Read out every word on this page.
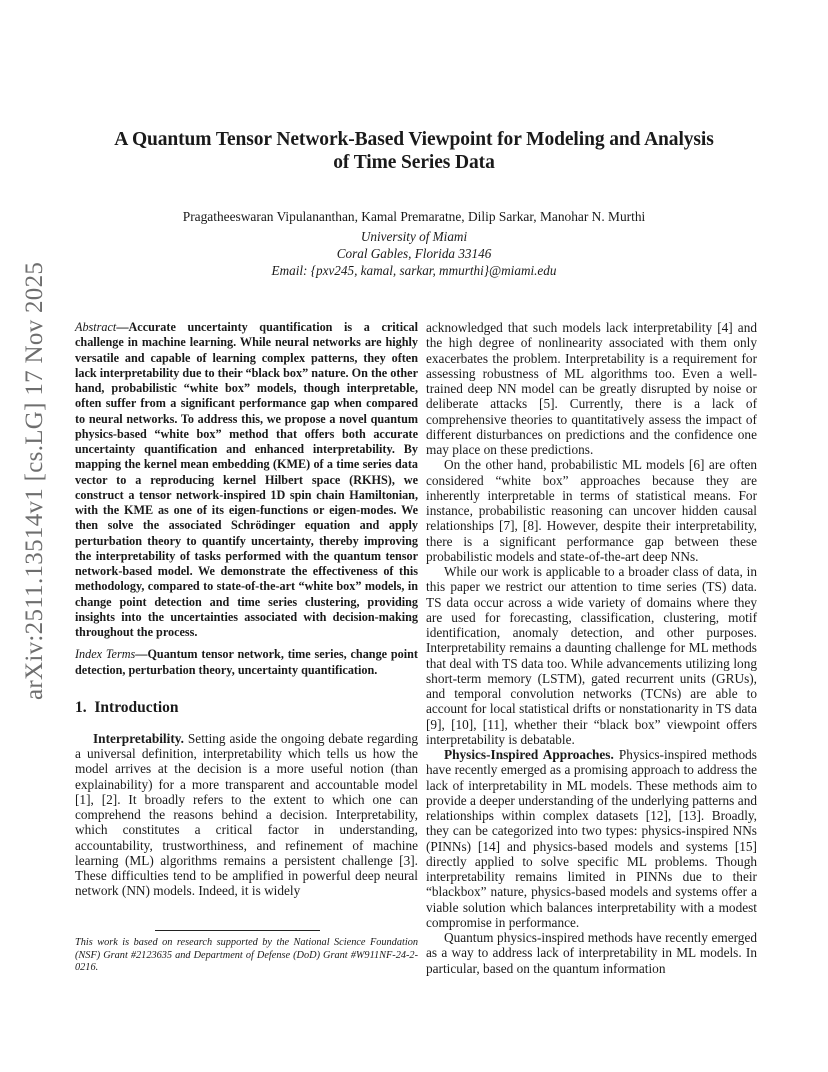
A Quantum Tensor Network-Based Viewpoint for Modeling and Analysis
of Time Series Data
Pragatheeswaran Vipulananthan, Kamal Premaratne, Dilip Sarkar, Manohar N. Murthi
University of Miami
Coral Gables, Florida 33146
Email: {pxv245, kamal, sarkar, mmurthi}@miami.edu
arXiv:2511.13514v1 [cs.LG] 17 Nov 2025	Abstract—Accurate uncertainty quantification is a critical challenge in machine learning. While neural networks are highly versatile and capable of learning complex patterns, they often lack interpretability due to their “black box” nature. On the other hand, probabilistic “white box” models, though interpretable, often suffer from a significant performance gap when compared to neural networks. To address this, we propose a novel quantum physics-based “white box” method that offers both accurate uncertainty quantification and enhanced interpretability. By mapping the kernel mean embedding (KME) of a time series data vector to a reproducing kernel Hilbert space (RKHS), we construct a tensor network-inspired 1D spin chain Hamiltonian, with the KME as one of its eigen-functions or eigen-modes. We then solve the associated Schrödinger equation and apply perturbation theory to quantify uncertainty, thereby improving the interpretability of tasks performed with the quantum tensor network-based model. We demonstrate the effectiveness of this methodology, compared to state-of-the-art “white box” models, in change point detection and time series clustering, providing insights into the uncertainties associated with decision-making throughout the process.
Index Terms—Quantum tensor network, time series, change point detection, perturbation theory, uncertainty quantification.
1. Introduction

Interpretability. Setting aside the ongoing debate regarding a universal definition, interpretability which tells us how the model arrives at the decision is a more useful notion (than explainability) for a more transparent and accountable model [1], [2]. It broadly refers to the extent to which one can comprehend the reasons behind a decision. Interpretability, which constitutes a critical factor in understanding, accountability, trustworthiness, and refinement of machine learning (ML) algorithms remains a persistent challenge [3]. These difficulties tend to be amplified in powerful deep neural network (NN) models. Indeed, it is widely

This work is based on research supported by the National Science Foundation (NSF) Grant #2123635 and Department of Defense (DoD) Grant #W911NF-24-2-0216.

acknowledged that such models lack interpretability [4] and the high degree of nonlinearity associated with them only exacerbates the problem. Interpretability is a requirement for assessing robustness of ML algorithms too. Even a well-trained deep NN model can be greatly disrupted by noise or deliberate attacks [5]. Currently, there is a lack of comprehensive theories to quantitatively assess the impact of different disturbances on predictions and the confidence one may place on these predictions.

On the other hand, probabilistic ML models [6] are often considered “white box” approaches because they are inherently interpretable in terms of statistical means. For instance, probabilistic reasoning can uncover hidden causal relationships [7], [8]. However, despite their interpretability, there is a significant performance gap between these probabilistic models and state-of-the-art deep NNs.

While our work is applicable to a broader class of data, in this paper we restrict our attention to time series (TS) data. TS data occur across a wide variety of domains where they are used for forecasting, classification, clustering, motif identification, anomaly detection, and other purposes. Interpretability remains a daunting challenge for ML methods that deal with TS data too. While advancements utilizing long short-term memory (LSTM), gated recurrent units (GRUs), and temporal convolution networks (TCNs) are able to account for local statistical drifts or nonstationarity in TS data [9], [10], [11], whether their “black box” viewpoint offers interpretability is debatable.

Physics-Inspired Approaches. Physics-inspired methods have recently emerged as a promising approach to address the lack of interpretability in ML models. These methods aim to provide a deeper understanding of the underlying patterns and relationships within complex datasets [12], [13]. Broadly, they can be categorized into two types: physics-inspired NNs (PINNs) [14] and physics-based models and systems [15] directly applied to solve specific ML problems. Though interpretability remains limited in PINNs due to their “blackbox” nature, physics-based models and systems offer a viable solution which balances interpretability with a modest compromise in performance.

Quantum physics-inspired methods have recently emerged as a way to address lack of interpretability in ML models. In particular, based on the quantum information
